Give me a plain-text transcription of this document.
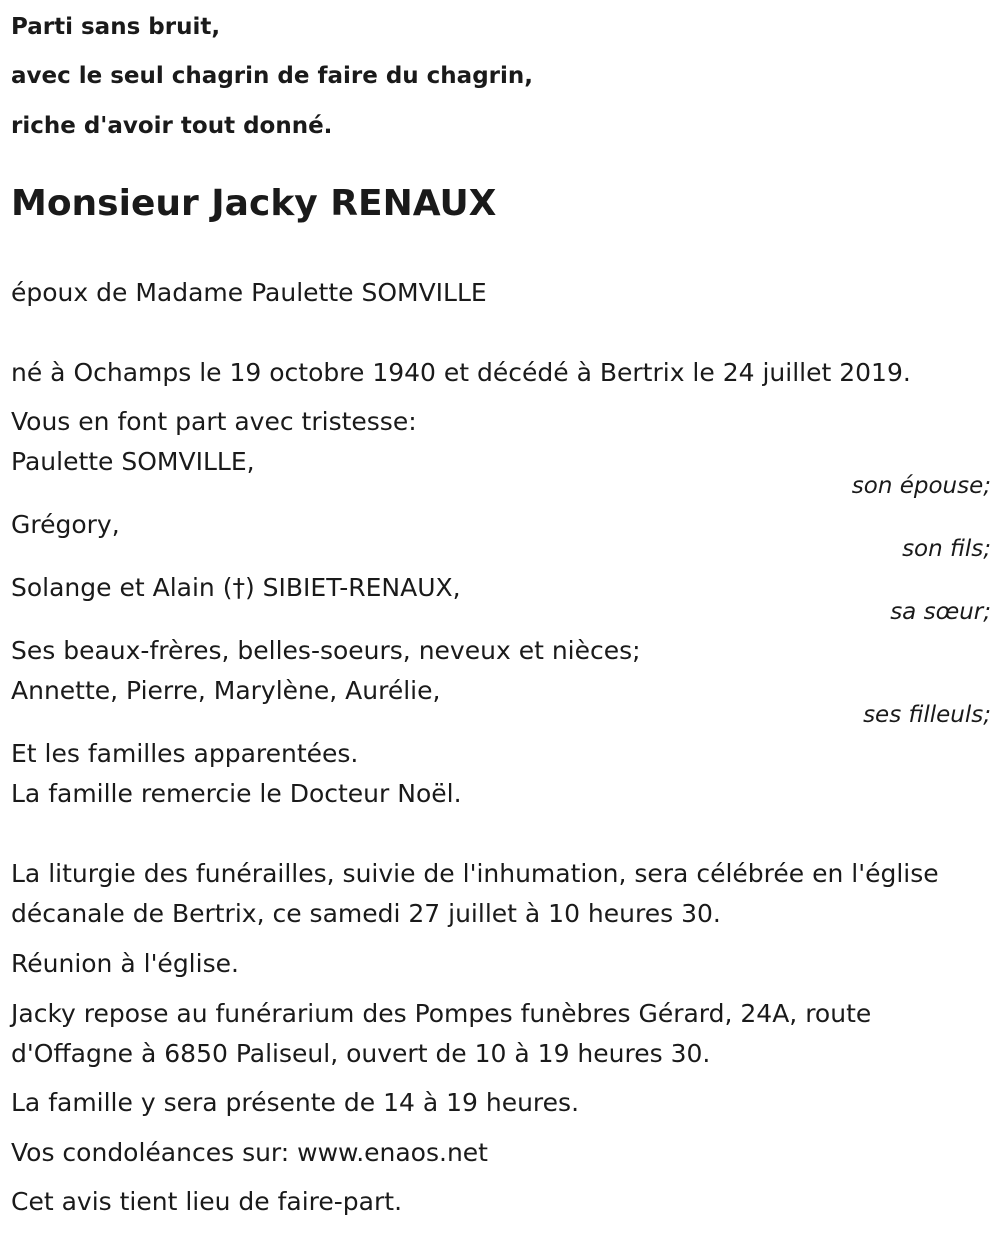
Parti sans bruit,
avec le seul chagrin de faire du chagrin,
riche d'avoir tout donné.
Monsieur Jacky RENAUX
époux de Madame Paulette SOMVILLE
né à Ochamps le 19 octobre 1940 et décédé à Bertrix le 24 juillet 2019.
Vous en font part avec tristesse:
Paulette SOMVILLE,
son épouse;
Grégory,
son fils;
Solange et Alain (†) SIBIET-RENAUX,
sa sœur;
Ses beaux-frères, belles-soeurs, neveux et nièces;
Annette, Pierre, Marylène, Aurélie,
ses filleuls;
Et les familles apparentées.
La famille remercie le Docteur Noël.
La liturgie des funérailles, suivie de l'inhumation, sera célébrée en l'église
décanale de Bertrix, ce samedi 27 juillet à 10 heures 30.
Réunion à l'église.
Jacky repose au funérarium des Pompes funèbres Gérard, 24A, route
d'Offagne à 6850 Paliseul, ouvert de 10 à 19 heures 30.
La famille y sera présente de 14 à 19 heures.
Vos condoléances sur: www.enaos.net
Cet avis tient lieu de faire-part.
